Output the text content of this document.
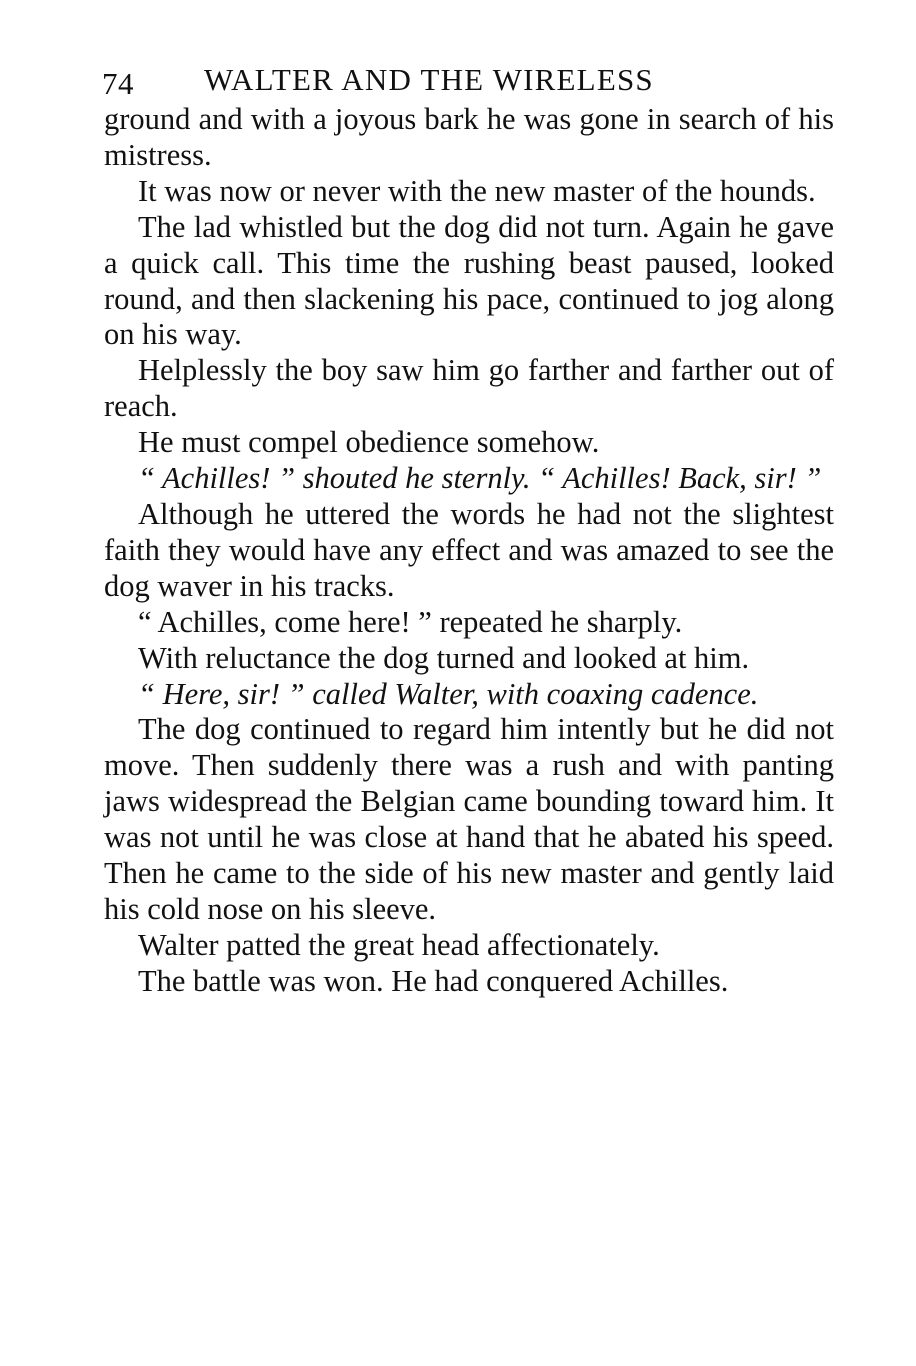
74 WALTER AND THE WIRELESS

ground and with a joyous bark he was gone in search of his mistress.

It was now or never with the new master of the hounds.

The lad whistled but the dog did not turn. Again he gave a quick call. This time the rushing beast paused, looked round, and then slackening his pace, continued to jog along on his way.

Helplessly the boy saw him go farther and farther out of reach.

He must compel obedience somehow.

“ Achilles! ” shouted he sternly. “ Achilles! Back, sir! ”

Although he uttered the words he had not the slightest faith they would have any effect and was amazed to see the dog waver in his tracks.

“ Achilles, come here! ” repeated he sharply.

With reluctance the dog turned and looked at him.

“ Here, sir! ” called Walter, with coaxing cadence.

The dog continued to regard him intently but he did not move. Then suddenly there was a rush and with panting jaws widespread the Belgian came bounding toward him. It was not until he was close at hand that he abated his speed. Then he came to the side of his new master and gently laid his cold nose on his sleeve.

Walter patted the great head affectionately.

The battle was won. He had conquered Achilles.
